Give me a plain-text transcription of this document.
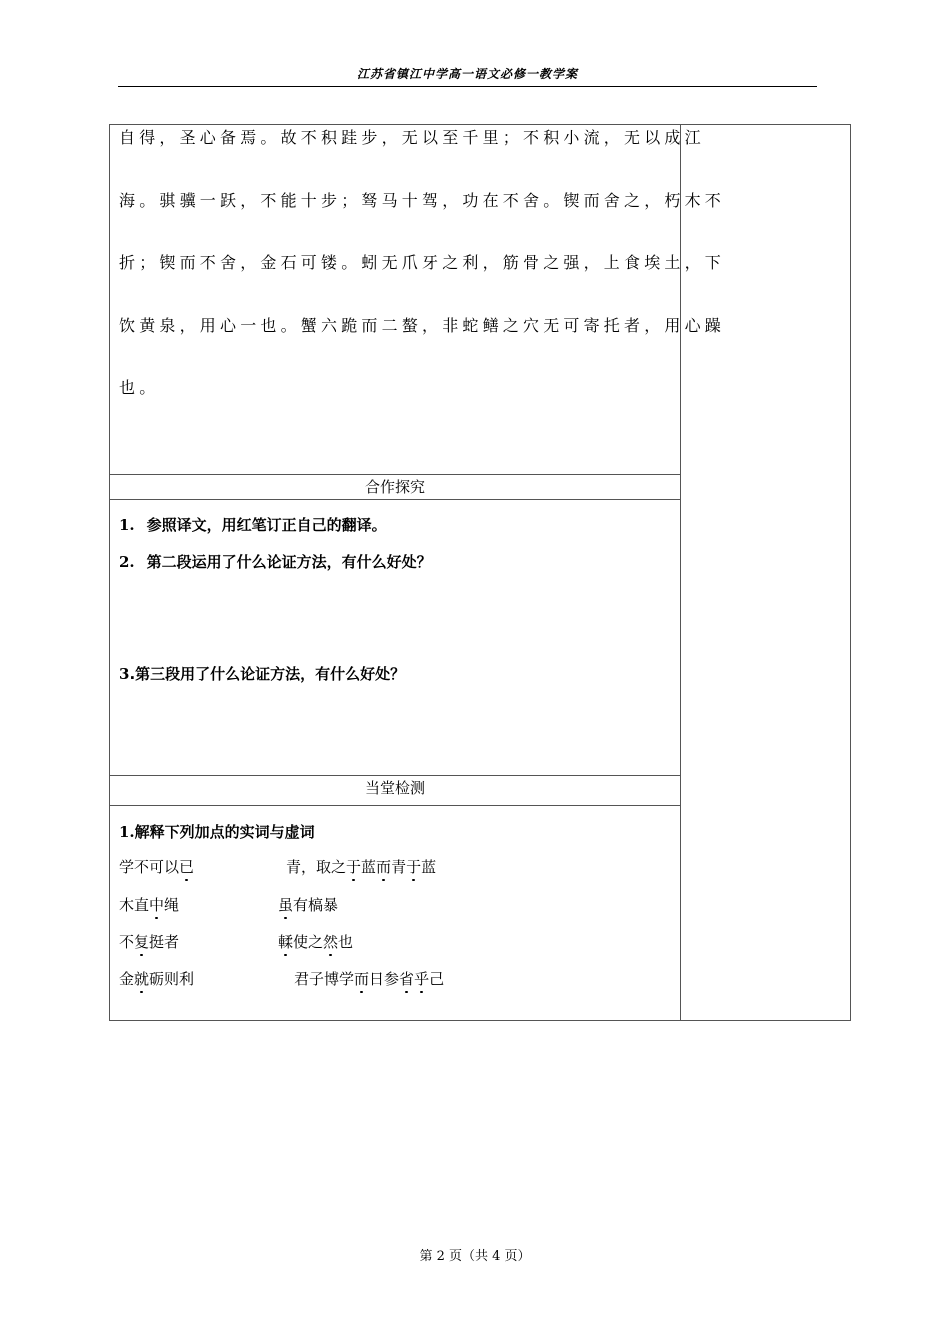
江苏省镇江中学高一语文必修一教学案
自得，圣心备焉。故不积跬步，无以至千里；不积小流，无以成江
海。骐骥一跃，不能十步；驽马十驾，功在不舍。锲而舍之，朽木不
折；锲而不舍，金石可镂。蚓无爪牙之利，筋骨之强，上食埃土，下
饮黄泉，用心一也。蟹六跪而二螯，非蛇鳝之穴无可寄托者，用心躁
也。
合作探究
1. 参照译文，用红笔订正自己的翻译。
2. 第二段运用了什么论证方法，有什么好处？
3.第三段用了什么论证方法，有什么好处？
当堂检测
1.解释下列加点的实词与虚词
学不可以已	青，取之于蓝而青于蓝
木直中绳	虽有槁暴
不复挺者	輮使之然也
金就砺则利	君子博学而日参省乎己
第 2 页（共 4 页）
